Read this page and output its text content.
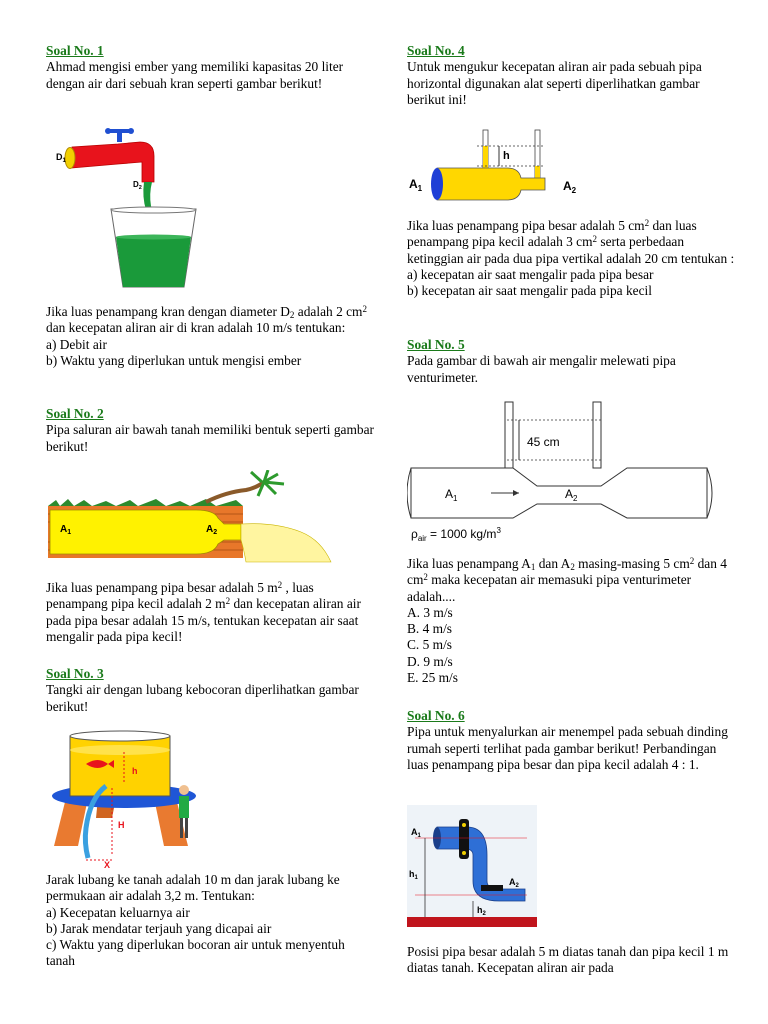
Soal No. 1
Ahmad mengisi ember yang memiliki kapasitas 20 liter dengan air dari sebuah kran seperti gambar berikut!
$D_1$
$D_2$
Jika luas penampang kran dengan diameter $D_2$ adalah 2 $cm^2$ dan kecepatan aliran air di kran adalah 10 m/s tentukan:
a) Debit air
b) Waktu yang diperlukan untuk mengisi ember
Soal No. 2
Pipa saluran air bawah tanah memiliki bentuk seperti gambar berikut!
$A_1$	$A_2$
Jika luas penampang pipa besar adalah 5 $m^2$ , luas penampang pipa kecil adalah 2 $m^2$ dan kecepatan aliran air pada pipa besar adalah 15 m/s, tentukan kecepatan air saat mengalir pada pipa kecil!
Soal No. 3
Tangki air dengan lubang kebocoran diperlihatkan gambar berikut!
h
H
X
Jarak lubang ke tanah adalah 10 m dan jarak lubang ke permukaan air adalah 3,2 m. Tentukan:
a) Kecepatan keluarnya air
b) Jarak mendatar terjauh yang dicapai air
c) Waktu yang diperlukan bocoran air untuk menyentuh tanah
Soal No. 4
Untuk mengukur kecepatan aliran air pada sebuah pipa horizontal digunakan alat seperti diperlihatkan gambar berikut ini!
h
$A_1$	$A_2$
Jika luas penampang pipa besar adalah 5 $cm^2$ dan luas penampang pipa kecil adalah 3 $cm^2$ serta perbedaan ketinggian air pada dua pipa vertikal adalah 20 cm tentukan :
a) kecepatan air saat mengalir pada pipa besar
b) kecepatan air saat mengalir pada pipa kecil
Soal No. 5
Pada gambar di bawah air mengalir melewati pipa venturimeter.
45 cm
$A_1$	$A_2$
$\rho_{air} = 1000$ $kg/m^3$
Jika luas penampang $A_1$ dan $A_2$ masing-masing 5 $cm^2$ dan 4 $cm^2$ maka kecepatan air memasuki pipa venturimeter adalah....
A. 3 m/s
B. 4 m/s
C. 5 m/s
D. 9 m/s
E. 25 m/s
Soal No. 6
Pipa untuk menyalurkan air menempel pada sebuah dinding rumah seperti terlihat pada gambar berikut! Perbandingan luas penampang pipa besar dan pipa kecil adalah 4 : 1.
$A_1$
$A_2$
$h_1$
$h_2$
Posisi pipa besar adalah 5 m diatas tanah dan pipa kecil 1 m diatas tanah. Kecepatan aliran air pada
